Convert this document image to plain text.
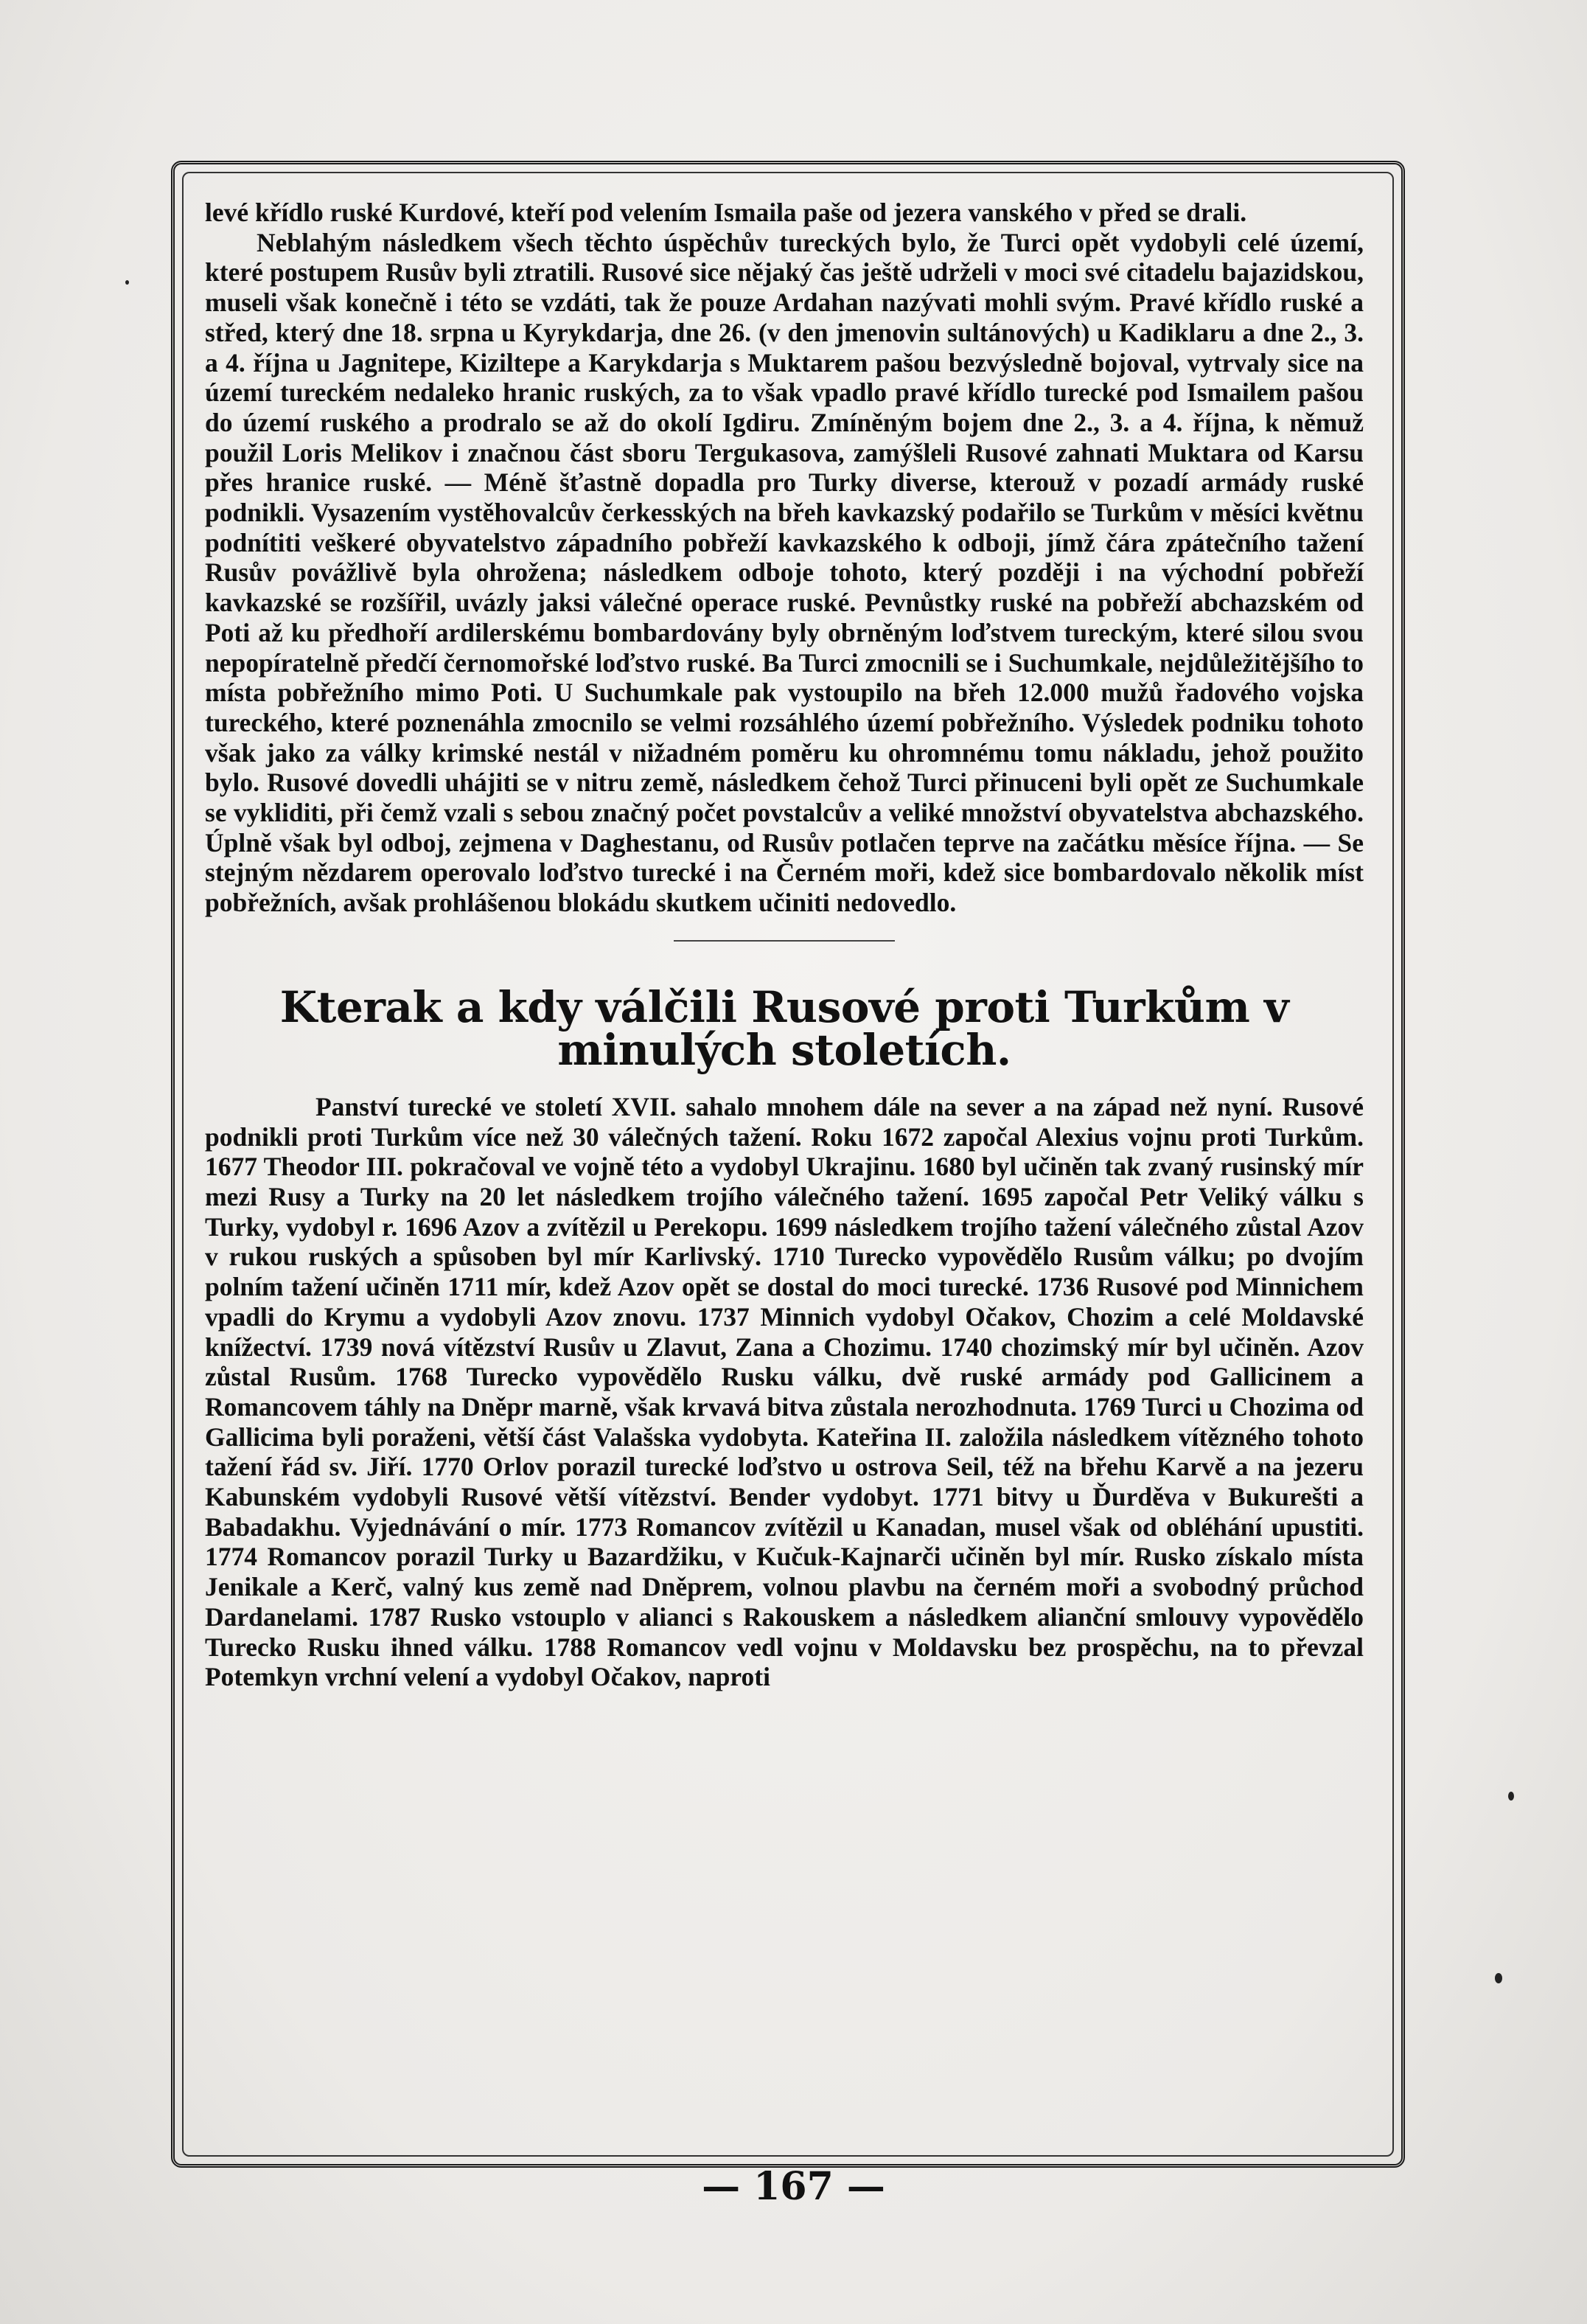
levé křídlo ruské Kurdové, kteří pod velením Ismaila paše od jezera vanského v před se drali.

Neblahým následkem všech těchto úspěchův tureckých bylo, že Turci opět vydobyli celé území, které postupem Rusův byli ztratili. Rusové sice nějaký čas ještě udrželi v moci své citadelu bajazidskou, museli však konečně i této se vzdáti, tak že pouze Ardahan nazývati mohli svým. Pravé křídlo ruské a střed, který dne 18. srpna u Kyrykdarja, dne 26. (v den jmenovin sultánových) u Kadiklaru a dne 2., 3. a 4. října u Jagnitepe, Kiziltepe a Karykdarja s Muktarem pašou bezvýsledně bojoval, vytrvaly sice na území tureckém nedaleko hranic ruských, za to však vpadlo pravé křídlo turecké pod Ismailem pašou do území ruského a prodralo se až do okolí Igdiru. Zmíněným bojem dne 2., 3. a 4. října, k němuž použil Loris Melikov i značnou část sboru Tergukasova, zamýšleli Rusové zahnati Muktara od Karsu přes hranice ruské. — Méně šťastně dopadla pro Turky diverse, kterouž v pozadí armády ruské podnikli. Vysazením vystěhovalcův čerkesských na břeh kavkazský podařilo se Turkům v měsíci květnu podnítiti veškeré obyvatelstvo západního pobřeží kavkazského k odboji, jímž čára zpátečního tažení Rusův povážlivě byla ohrožena; následkem odboje tohoto, který později i na východní pobřeží kavkazské se rozšířil, uvázly jaksi válečné operace ruské. Pevnůstky ruské na pobřeží abchazském od Poti až ku předhoří ardilerskému bombardovány byly obrněným loďstvem tureckým, které silou svou nepopíratelně předčí černomořské loďstvo ruské. Ba Turci zmocnili se i Suchumkale, nejdůležitějšího to místa pobřežního mimo Poti. U Suchumkale pak vystoupilo na břeh 12.000 mužů řadového vojska tureckého, které poznenáhla zmocnilo se velmi rozsáhlého území pobřežního. Výsledek podniku tohoto však jako za války krimské nestál v nižadném poměru ku ohromnému tomu nákladu, jehož použito bylo. Rusové dovedli uhájiti se v nitru země, následkem čehož Turci přinuceni byli opět ze Suchumkale se vykliditi, při čemž vzali s sebou značný počet povstalcův a veliké množství obyvatelstva abchazského. Úplně však byl odboj, zejmena v Daghestanu, od Rusův potlačen teprve na začátku měsíce října. — Se stejným nězdarem operovalo loďstvo turecké i na Černém moři, kdež sice bombardovalo několik míst pobřežních, avšak prohlášenou blokádu skutkem učiniti nedovedlo.

Kterak a kdy válčili Rusové proti Turkům v minulých stoletích.

Panství turecké ve století XVII. sahalo mnohem dále na sever a na západ než nyní. Rusové podnikli proti Turkům více než 30 válečných tažení. Roku 1672 započal Alexius vojnu proti Turkům. 1677 Theodor III. pokračoval ve vojně této a vydobyl Ukrajinu. 1680 byl učiněn tak zvaný rusinský mír mezi Rusy a Turky na 20 let následkem trojího válečného tažení. 1695 započal Petr Veliký válku s Turky, vydobyl r. 1696 Azov a zvítězil u Perekopu. 1699 následkem trojího tažení válečného zůstal Azov v rukou ruských a spůsoben byl mír Karlivský. 1710 Turecko vypovědělo Rusům válku; po dvojím polním tažení učiněn 1711 mír, kdež Azov opět se dostal do moci turecké. 1736 Rusové pod Minnichem vpadli do Krymu a vydobyli Azov znovu. 1737 Minnich vydobyl Očakov, Chozim a celé Moldavské knížectví. 1739 nová vítězství Rusův u Zlavut, Zana a Chozimu. 1740 chozimský mír byl učiněn. Azov zůstal Rusům. 1768 Turecko vypovědělo Rusku válku, dvě ruské armády pod Gallicinem a Romancovem táhly na Dněpr marně, však krvavá bitva zůstala nerozhodnuta. 1769 Turci u Chozima od Gallicima byli poraženi, větší část Valašska vydobyta. Kateřina II. založila následkem vítězného tohoto tažení řád sv. Jiří. 1770 Orlov porazil turecké loďstvo u ostrova Seil, též na břehu Karvě a na jezeru Kabunském vydobyli Rusové větší vítězství. Bender vydobyt. 1771 bitvy u Ďurděva v Bukurešti a Babadakhu. Vyjednávání o mír. 1773 Romancov zvítězil u Kanadan, musel však od obléhání upustiti. 1774 Romancov porazil Turky u Bazardžiku, v Kučuk-Kajnarči učiněn byl mír. Rusko získalo místa Jenikale a Kerč, valný kus země nad Dněprem, volnou plavbu na černém moři a svobodný průchod Dardanelami. 1787 Rusko vstouplo v alianci s Rakouskem a následkem alianční smlouvy vypovědělo Turecko Rusku ihned válku. 1788 Romancov vedl vojnu v Moldavsku bez prospěchu, na to převzal Potemkyn vrchní velení a vydobyl Očakov, naproti

— 167 —
